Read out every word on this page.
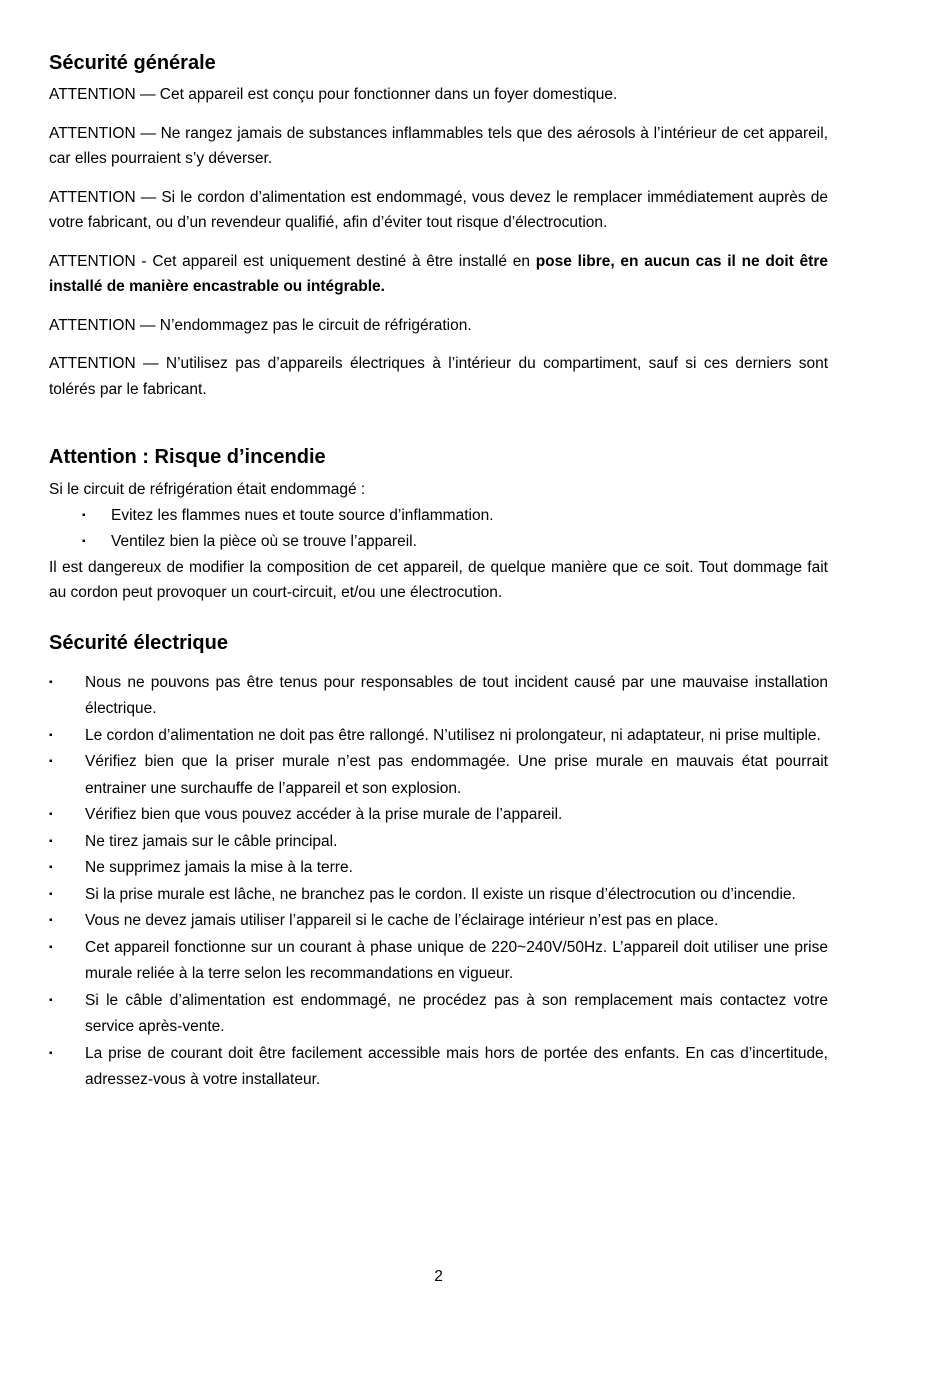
Sécurité générale

ATTENTION — Cet appareil est conçu pour fonctionner dans un foyer domestique.

ATTENTION — Ne rangez jamais de substances inflammables tels que des aérosols à l’intérieur de cet appareil, car elles pourraient s’y déverser.

ATTENTION — Si le cordon d’alimentation est endommagé, vous devez le remplacer immédiatement auprès de votre fabricant, ou d’un revendeur qualifié, afin d’éviter tout risque d’électrocution.

ATTENTION - Cet appareil est uniquement destiné à être installé en pose libre, en aucun cas il ne doit être installé de manière encastrable ou intégrable.

ATTENTION — N’endommagez pas le circuit de réfrigération.

ATTENTION — N’utilisez pas d’appareils électriques à l’intérieur du compartiment, sauf si ces derniers sont tolérés par le fabricant.

Attention : Risque d’incendie

Si le circuit de réfrigération était endommagé :

▪ Evitez les flammes nues et toute source d’inflammation.
▪ Ventilez bien la pièce où se trouve l’appareil.

Il est dangereux de modifier la composition de cet appareil, de quelque manière que ce soit. Tout dommage fait au cordon peut provoquer un court-circuit, et/ou une électrocution.

Sécurité électrique
▪ Nous ne pouvons pas être tenus pour responsables de tout incident causé par une mauvaise installation électrique.
▪ Le cordon d’alimentation ne doit pas être rallongé. N’utilisez ni prolongateur, ni adaptateur, ni prise multiple.
▪ Vérifiez bien que la priser murale n’est pas endommagée. Une prise murale en mauvais état pourrait entrainer une surchauffe de l’appareil et son explosion.
▪ Vérifiez bien que vous pouvez accéder à la prise murale de l’appareil.
▪ Ne tirez jamais sur le câble principal.
▪ Ne supprimez jamais la mise à la terre.
▪ Si la prise murale est lâche, ne branchez pas le cordon. Il existe un risque d’électrocution ou d’incendie.
▪ Vous ne devez jamais utiliser l’appareil si le cache de l’éclairage intérieur n’est pas en place.
▪ Cet appareil fonctionne sur un courant à phase unique de 220~240V/50Hz. L’appareil doit utiliser une prise murale reliée à la terre selon les recommandations en vigueur.
▪ Si le câble d’alimentation est endommagé, ne procédez pas à son remplacement mais contactez votre service après-vente.
▪ La prise de courant doit être facilement accessible mais hors de portée des enfants. En cas d’incertitude, adressez-vous à votre installateur.
2
